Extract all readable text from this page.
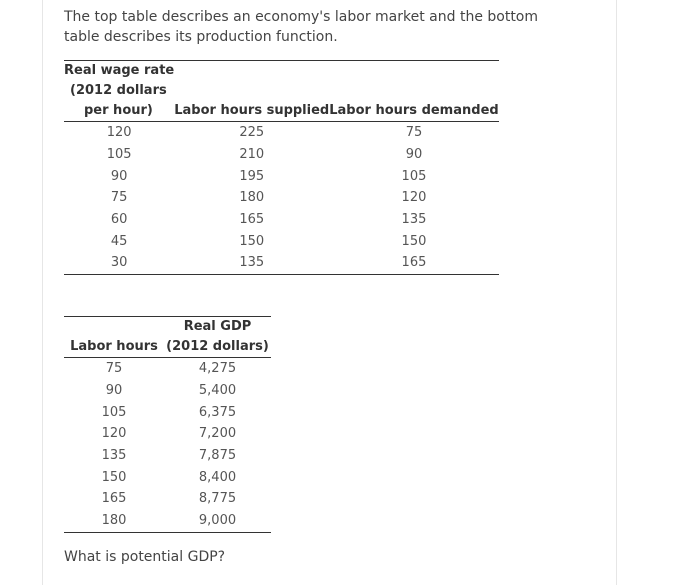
The top table describes an economy's labor market and the bottom table describes its production function.
Real wage rate		
(2012 dollars		
per hour)	Labor hours supplied	Labor hours demanded
120	225	75
105	210	90
90	195	105
75	180	120
60	165	135
45	150	150
30	135	165
	Real GDP
Labor hours	(2012 dollars)
75	4,275
90	5,400
105	6,375
120	7,200
135	7,875
150	8,400
165	8,775
180	9,000
What is potential GDP?
